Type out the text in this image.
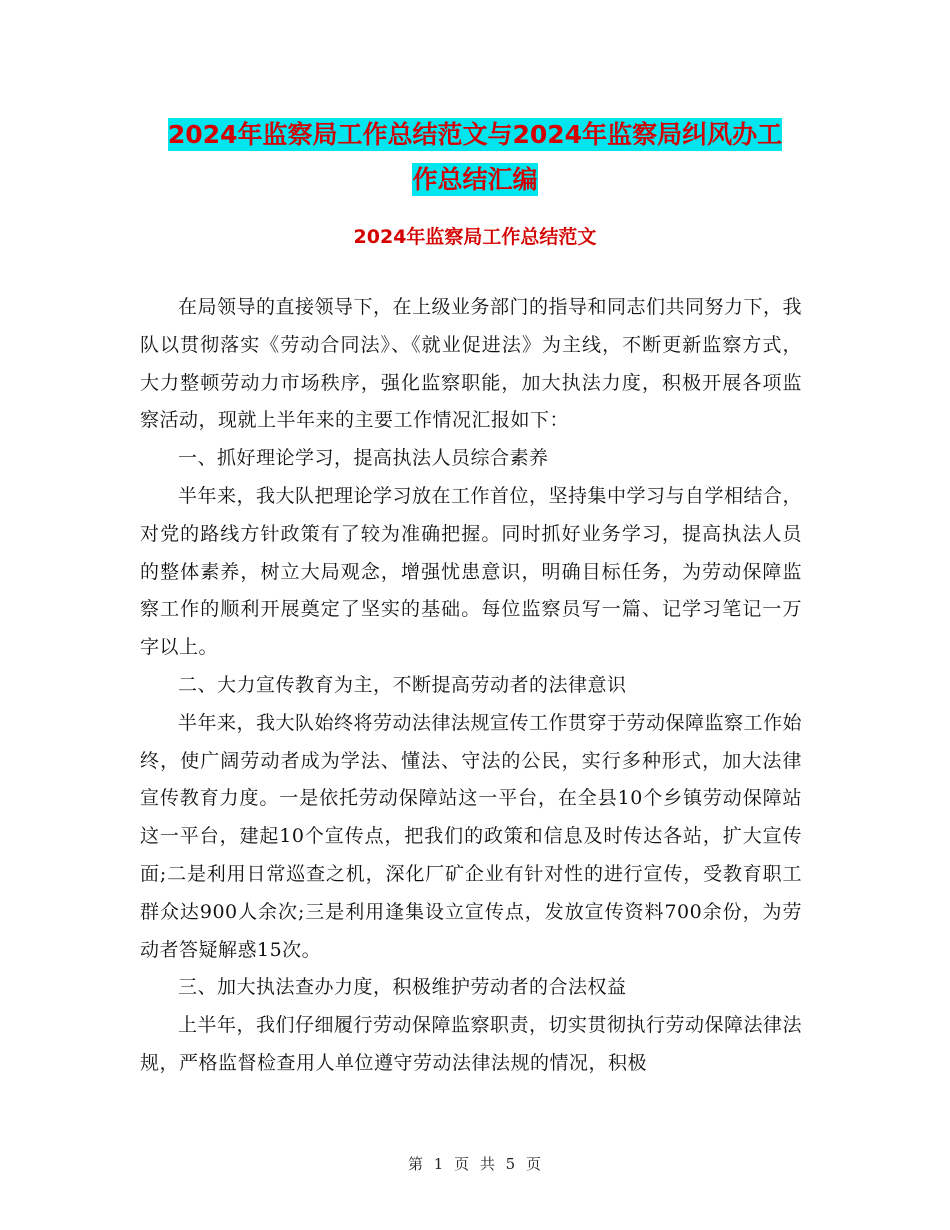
2024年监察局工作总结范文与2024年监察局纠风办工
作总结汇编
2024年监察局工作总结范文

在局领导的直接领导下，在上级业务部门的指导和同志们共同努力下，我队以贯彻落实《劳动合同法》、《就业促进法》为主线，不断更新监察方式，大力整顿劳动力市场秩序，强化监察职能，加大执法力度，积极开展各项监察活动，现就上半年来的主要工作情况汇报如下：

一、抓好理论学习，提高执法人员综合素养

半年来，我大队把理论学习放在工作首位，坚持集中学习与自学相结合，对党的路线方针政策有了较为准确把握。同时抓好业务学习，提高执法人员的整体素养，树立大局观念，增强忧患意识，明确目标任务，为劳动保障监察工作的顺利开展奠定了坚实的基础。每位监察员写一篇、记学习笔记一万字以上。

二、大力宣传教育为主，不断提高劳动者的法律意识

半年来，我大队始终将劳动法律法规宣传工作贯穿于劳动保障监察工作始终，使广阔劳动者成为学法、懂法、守法的公民，实行多种形式，加大法律宣传教育力度。一是依托劳动保障站这一平台，在全县10个乡镇劳动保障站这一平台，建起10个宣传点，把我们的政策和信息及时传达各站，扩大宣传面;二是利用日常巡查之机，深化厂矿企业有针对性的进行宣传，受教育职工群众达900人余次;三是利用逢集设立宣传点，发放宣传资料700余份，为劳动者答疑解惑15次。

三、加大执法查办力度，积极维护劳动者的合法权益

上半年，我们仔细履行劳动保障监察职责，切实贯彻执行劳动保障法律法规，严格监督检查用人单位遵守劳动法律法规的情况，积极

第 1 页 共 5 页
